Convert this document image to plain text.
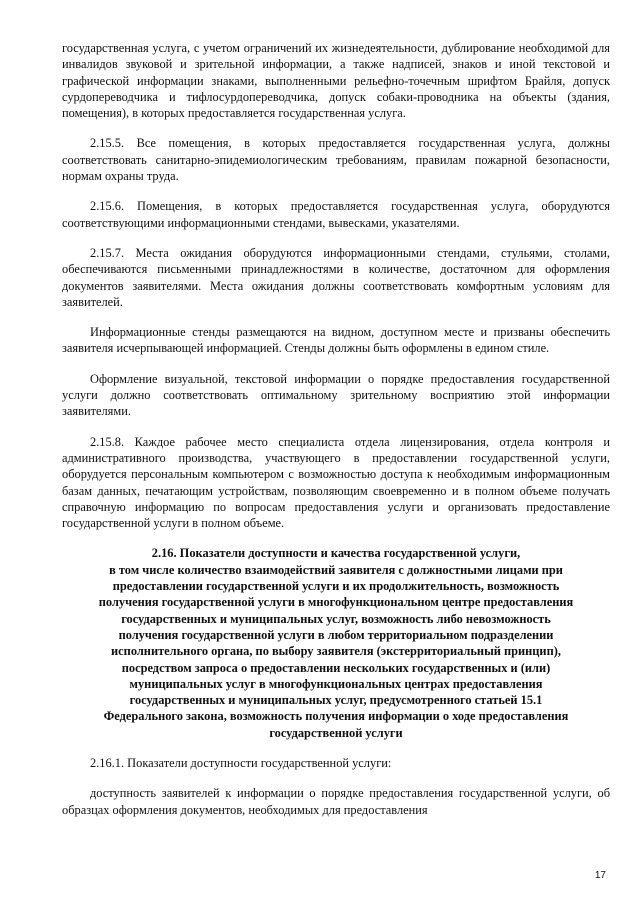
государственная услуга, с учетом ограничений их жизнедеятельности, дублирование необходимой для инвалидов звуковой и зрительной информации, а также надписей, знаков и иной текстовой и графической информации знаками, выполненными рельефно-точечным шрифтом Брайля, допуск сурдопереводчика и тифлосурдопереводчика, допуск собаки-проводника на объекты (здания, помещения), в которых предоставляется государственная услуга.

2.15.5. Все помещения, в которых предоставляется государственная услуга, должны соответствовать санитарно-эпидемиологическим требованиям, правилам пожарной безопасности, нормам охраны труда.

2.15.6. Помещения, в которых предоставляется государственная услуга, оборудуются соответствующими информационными стендами, вывесками, указателями.

2.15.7. Места ожидания оборудуются информационными стендами, стульями, столами, обеспечиваются письменными принадлежностями в количестве, достаточном для оформления документов заявителями. Места ожидания должны соответствовать комфортным условиям для заявителей.

Информационные стенды размещаются на видном, доступном месте и призваны обеспечить заявителя исчерпывающей информацией. Стенды должны быть оформлены в едином стиле.

Оформление визуальной, текстовой информации о порядке предоставления государственной услуги должно соответствовать оптимальному зрительному восприятию этой информации заявителями.

2.15.8. Каждое рабочее место специалиста отдела лицензирования, отдела контроля и административного производства, участвующего в предоставлении государственной услуги, оборудуется персональным компьютером с возможностью доступа к необходимым информационным базам данных, печатающим устройствам, позволяющим своевременно и в полном объеме получать справочную информацию по вопросам предоставления услуги и организовать предоставление государственной услуги в полном объеме.

2.16. Показатели доступности и качества государственной услуги,
в том числе количество взаимодействий заявителя с должностными лицами при
предоставлении государственной услуги и их продолжительность, возможность
получения государственной услуги в многофункциональном центре предоставления
государственных и муниципальных услуг, возможность либо невозможность
получения государственной услуги в любом территориальном подразделении
исполнительного органа, по выбору заявителя (экстерриториальный принцип),
посредством запроса о предоставлении нескольких государственных и (или)
муниципальных услуг в многофункциональных центрах предоставления
государственных и муниципальных услуг, предусмотренного статьей 15.1
Федерального закона, возможность получения информации о ходе предоставления
государственной услуги

2.16.1. Показатели доступности государственной услуги:

доступность заявителей к информации о порядке предоставления государственной услуги, об образцах оформления документов, необходимых для предоставления

17
